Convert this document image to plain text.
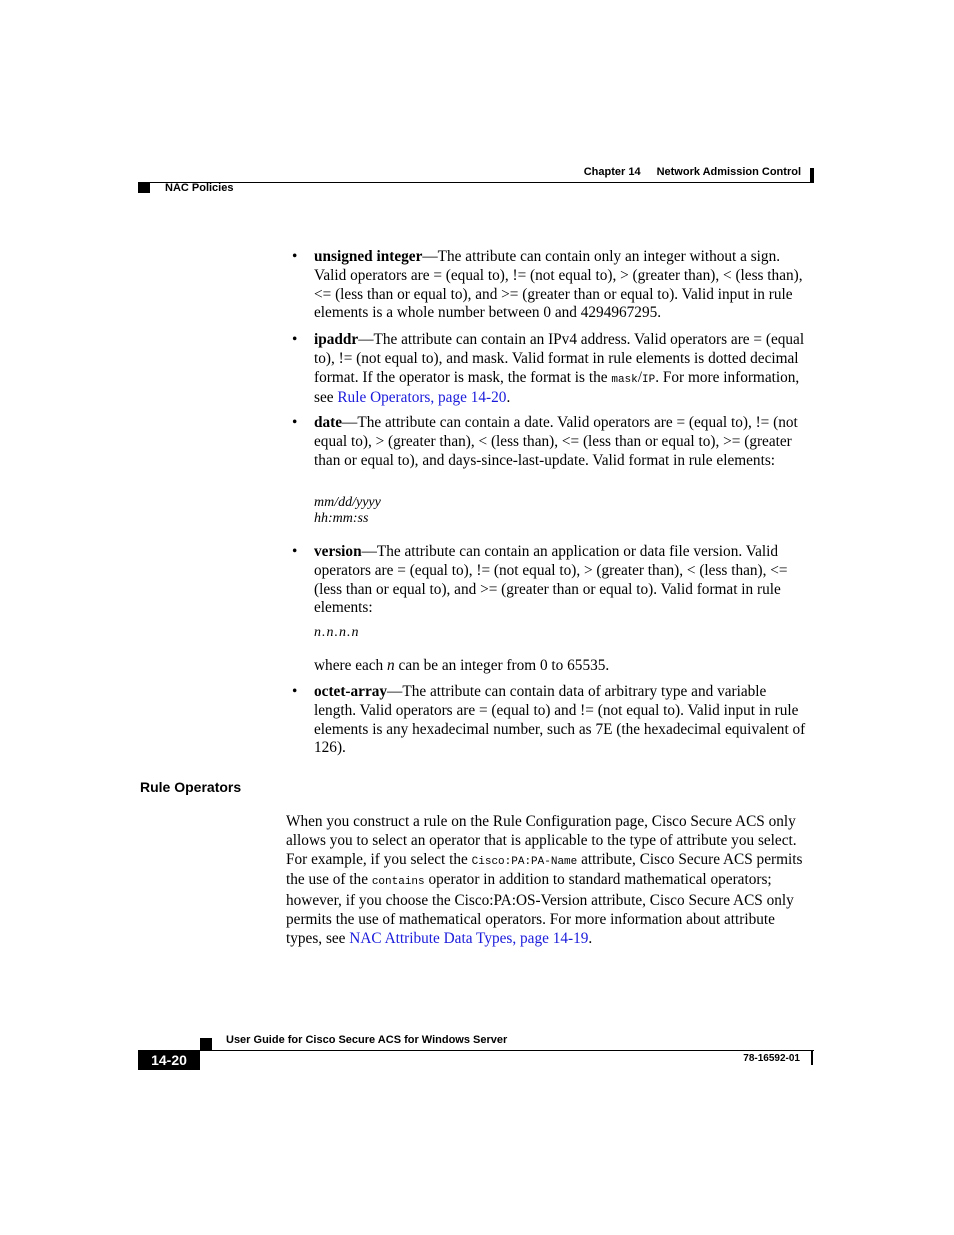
Chapter 14 Network Admission Control
NAC Policies
• unsigned integer—The attribute can contain only an integer without a sign. Valid operators are = (equal to), != (not equal to), > (greater than), < (less than), <= (less than or equal to), and >= (greater than or equal to). Valid input in rule elements is a whole number between 0 and 4294967295.
• ipaddr—The attribute can contain an IPv4 address. Valid operators are = (equal to), != (not equal to), and mask. Valid format in rule elements is dotted decimal format. If the operator is mask, the format is the mask/IP. For more information, see Rule Operators, page 14-20.
• date—The attribute can contain a date. Valid operators are = (equal to), != (not equal to), > (greater than), < (less than), <= (less than or equal to), >= (greater than or equal to), and days-since-last-update. Valid format in rule elements:
mm/dd/yyyy
hh:mm:ss
• version—The attribute can contain an application or data file version. Valid operators are = (equal to), != (not equal to), > (greater than), < (less than), <= (less than or equal to), and >= (greater than or equal to). Valid format in rule elements:
n.n.n.n
where each n can be an integer from 0 to 65535.
• octet-array—The attribute can contain data of arbitrary type and variable length. Valid operators are = (equal to) and != (not equal to). Valid input in rule elements is any hexadecimal number, such as 7E (the hexadecimal equivalent of 126).
Rule Operators
When you construct a rule on the Rule Configuration page, Cisco Secure ACS only allows you to select an operator that is applicable to the type of attribute you select. For example, if you select the Cisco:PA:PA-Name attribute, Cisco Secure ACS permits the use of the contains operator in addition to standard mathematical operators; however, if you choose the Cisco:PA:OS-Version attribute, Cisco Secure ACS only permits the use of mathematical operators. For more information about attribute types, see NAC Attribute Data Types, page 14-19.
User Guide for Cisco Secure ACS for Windows Server
14-20	78-16592-01
